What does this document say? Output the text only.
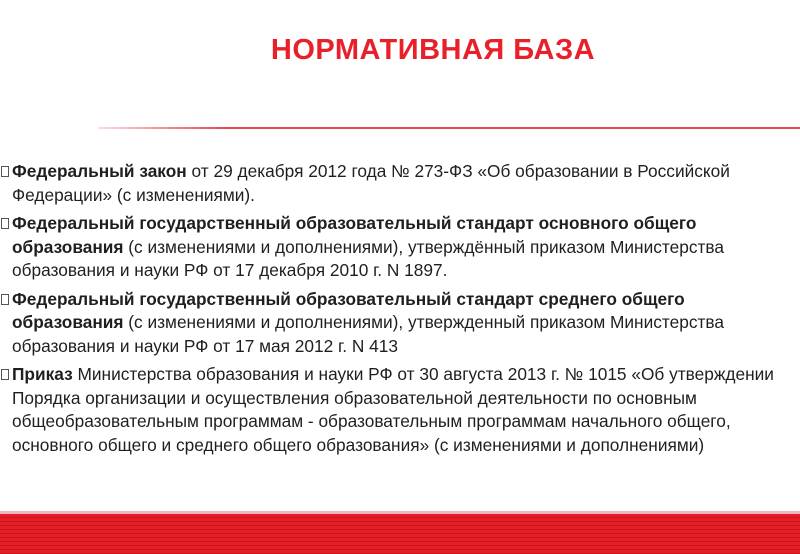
НОРМАТИВНАЯ БАЗА
Федеральный закон от 29 декабря 2012 года № 273-ФЗ «Об образовании в Российской Федерации» (с изменениями).
Федеральный государственный образовательный стандарт основного общего образования (с изменениями и дополнениями), утверждённый приказом Министерства образования и науки РФ от 17 декабря 2010 г. N 1897.
Федеральный государственный образовательный стандарт среднего общего образования (с изменениями и дополнениями), утвержденный приказом Министерства образования и науки РФ от 17 мая 2012 г. N 413
Приказ Министерства образования и науки РФ от 30 августа 2013 г. № 1015 «Об утверждении Порядка организации и осуществления образовательной деятельности по основным общеобразовательным программам - образовательным программам начального общего, основного общего и среднего общего образования» (с изменениями и дополнениями)
